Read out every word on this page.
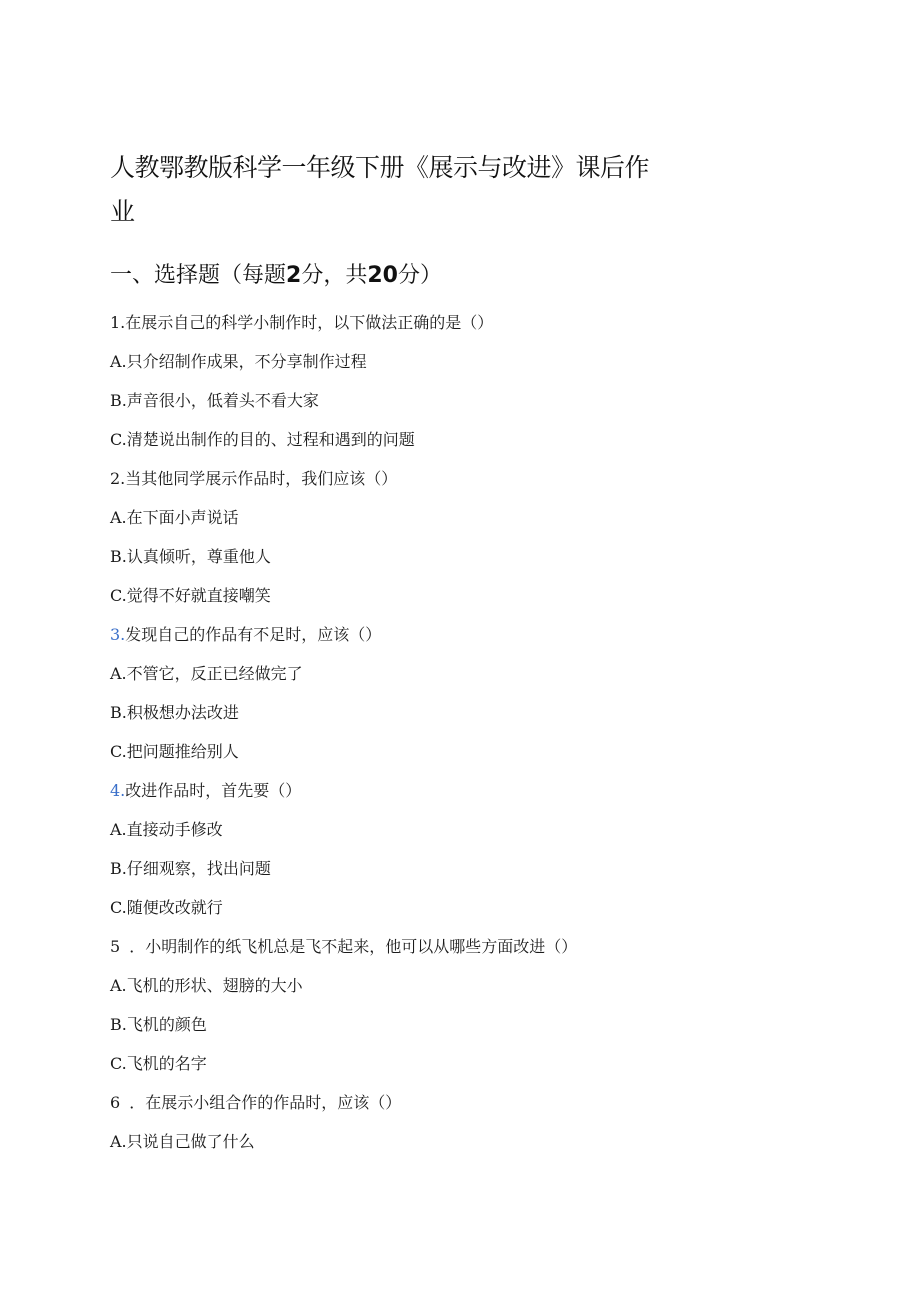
人教鄂教版科学一年级下册《展示与改进》课后作业
一、选择题（每题2分，共20分）
1.在展示自己的科学小制作时，以下做法正确的是（）
A.只介绍制作成果，不分享制作过程
B.声音很小，低着头不看大家
C.清楚说出制作的目的、过程和遇到的问题
2.当其他同学展示作品时，我们应该（）
A.在下面小声说话
B.认真倾听，尊重他人
C.觉得不好就直接嘲笑
3.发现自己的作品有不足时，应该（）
A.不管它，反正已经做完了
B.积极想办法改进
C.把问题推给别人
4.改进作品时，首先要（）
A.直接动手修改
B.仔细观察，找出问题
C.随便改改就行
5 ．小明制作的纸飞机总是飞不起来，他可以从哪些方面改进（）
A.飞机的形状、翅膀的大小
B.飞机的颜色
C.飞机的名字
6 ．在展示小组合作的作品时，应该（）
A.只说自己做了什么
